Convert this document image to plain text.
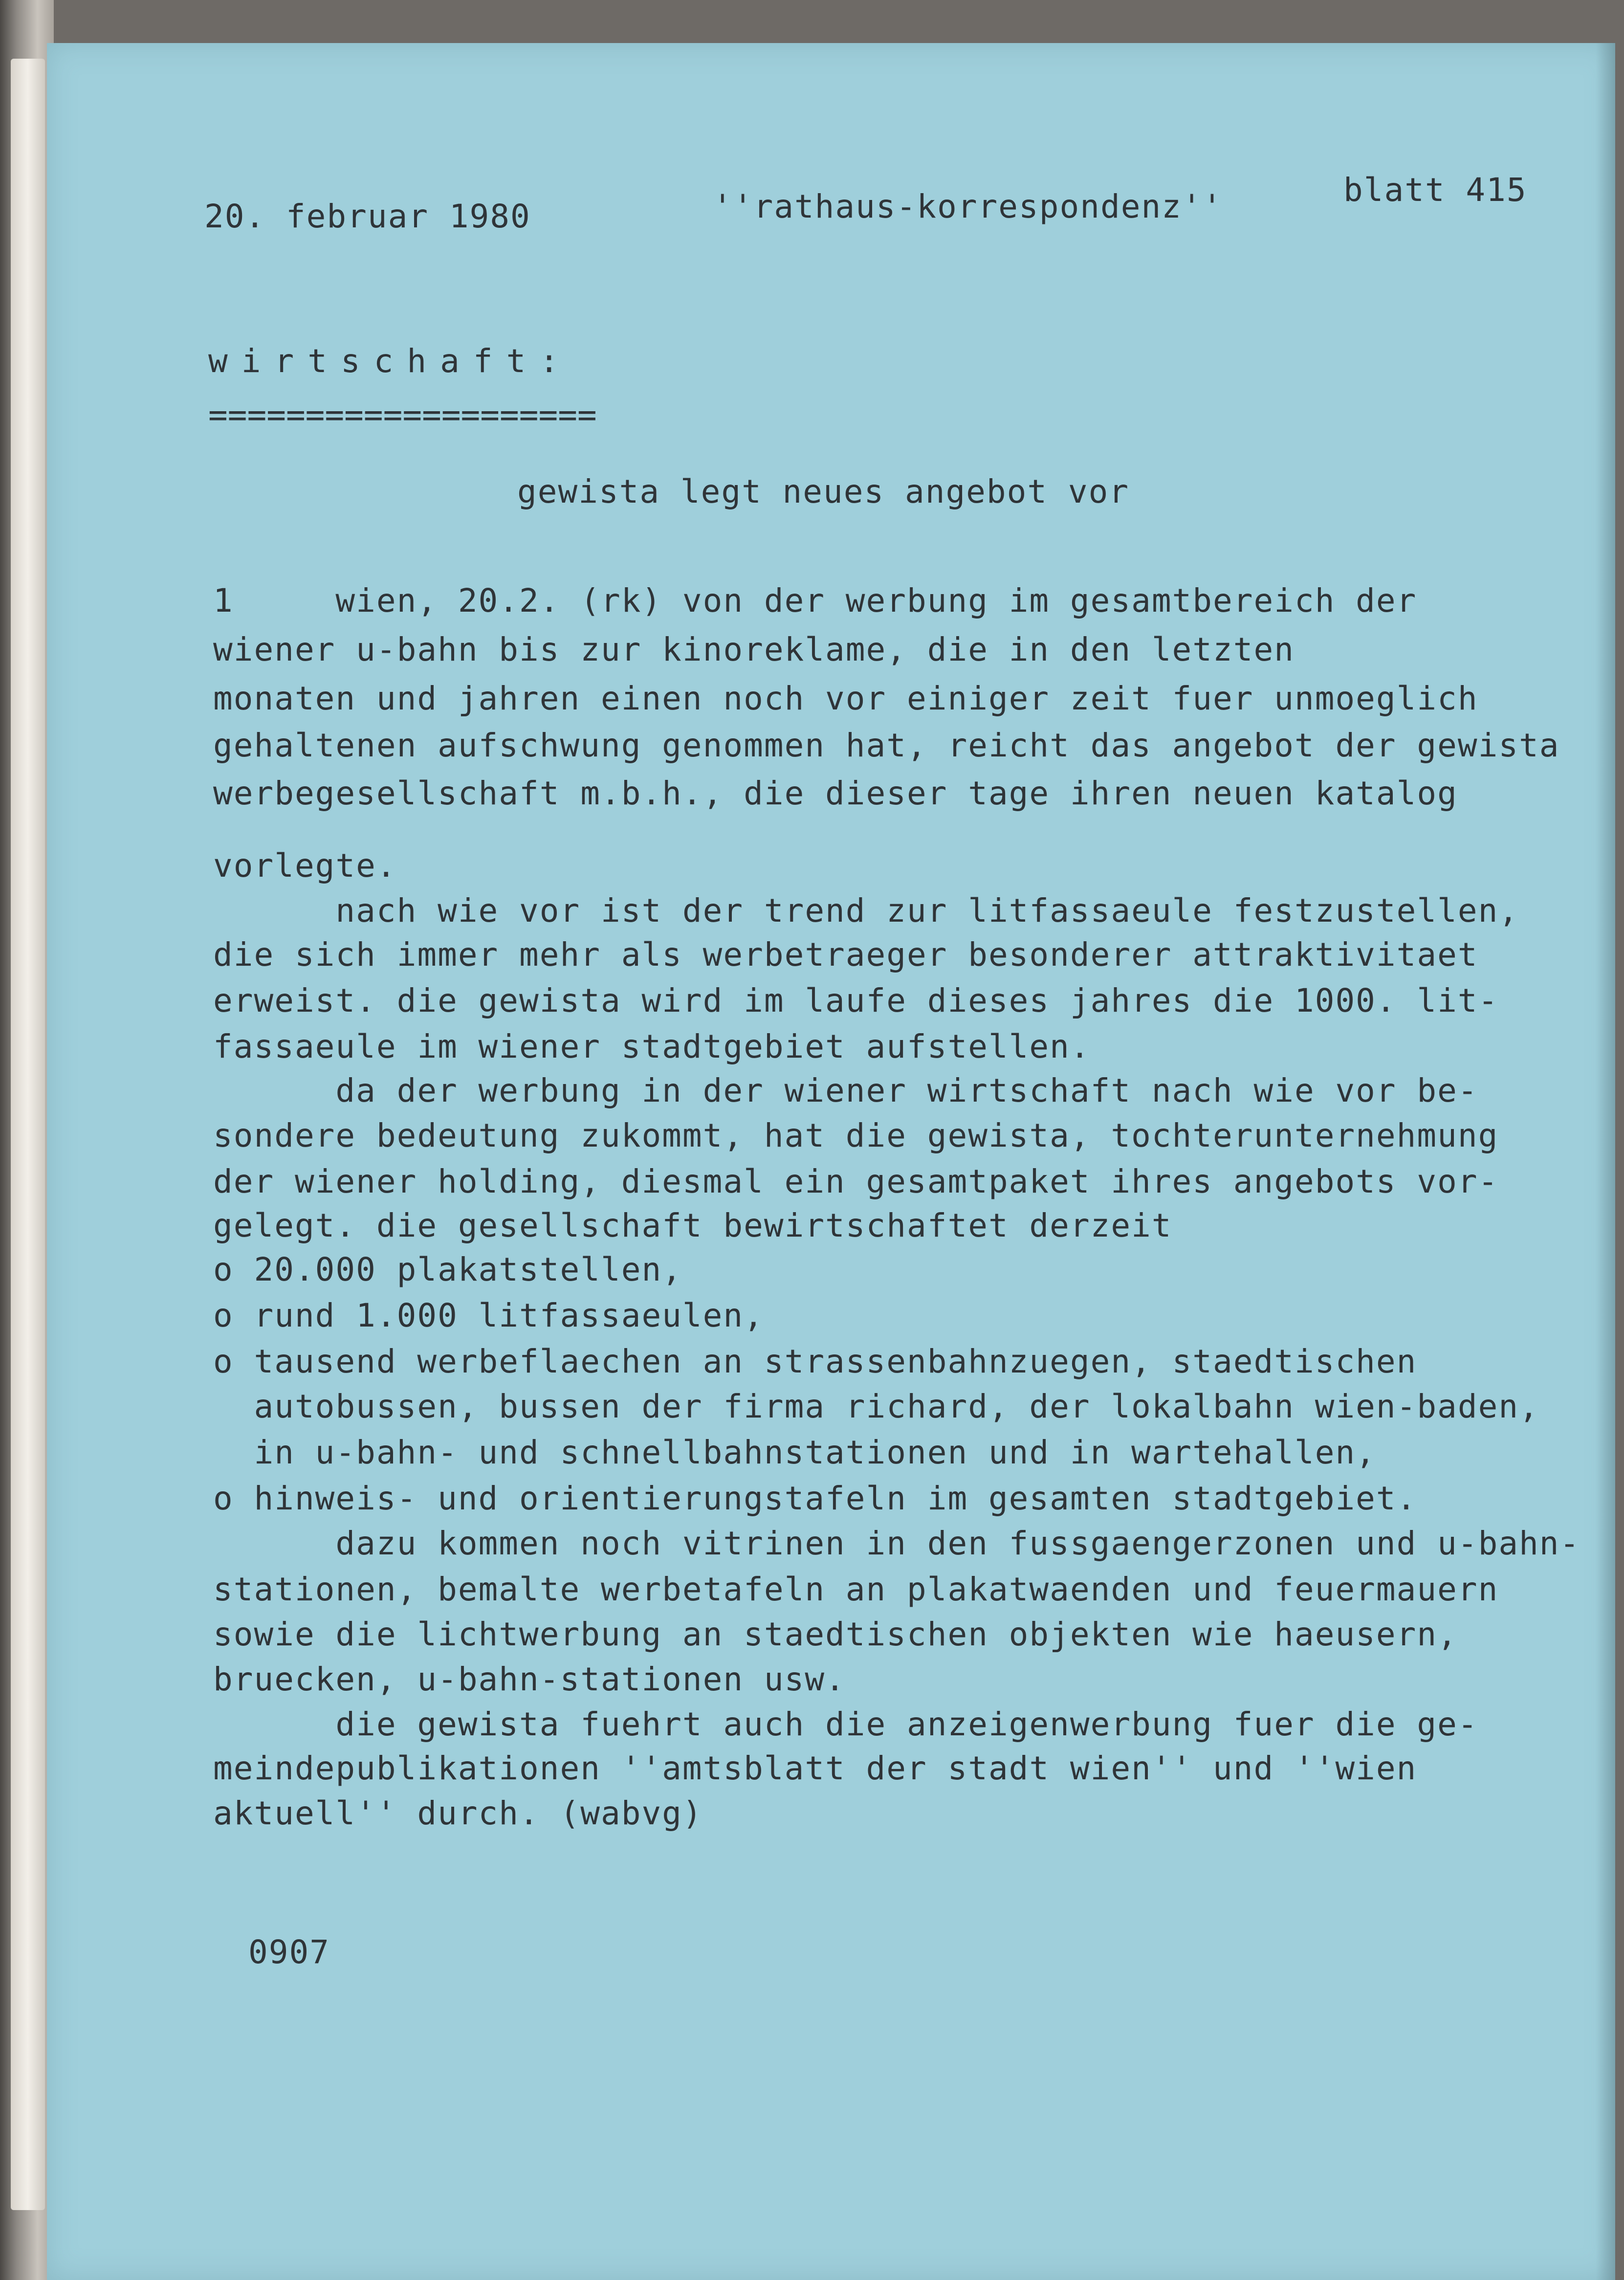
20. februar 1980	''rathaus-korrespondenz''	blatt 415
wirtschaft:
====================
gewista legt neues angebot vor
1     wien, 20.2. (rk) von der werbung im gesamtbereich der
wiener u-bahn bis zur kinoreklame, die in den letzten
monaten und jahren einen noch vor einiger zeit fuer unmoeglich
gehaltenen aufschwung genommen hat, reicht das angebot der gewista
werbegesellschaft m.b.h., die dieser tage ihren neuen katalog
vorlegte.
nach wie vor ist der trend zur litfassaeule festzustellen,
die sich immer mehr als werbetraeger besonderer attraktivitaet
erweist. die gewista wird im laufe dieses jahres die 1000. lit-
fassaeule im wiener stadtgebiet aufstellen.
da der werbung in der wiener wirtschaft nach wie vor be-
sondere bedeutung zukommt, hat die gewista, tochterunternehmung
der wiener holding, diesmal ein gesamtpaket ihres angebots vor-
gelegt. die gesellschaft bewirtschaftet derzeit
o 20.000 plakatstellen,
o rund 1.000 litfassaeulen,
o tausend werbeflaechen an strassenbahnzuegen, staedtischen
autobussen, bussen der firma richard, der lokalbahn wien-baden,
in u-bahn- und schnellbahnstationen und in wartehallen,
o hinweis- und orientierungstafeln im gesamten stadtgebiet.
dazu kommen noch vitrinen in den fussgaengerzonen und u-bahn-
stationen, bemalte werbetafeln an plakatwaenden und feuermauern
sowie die lichtwerbung an staedtischen objekten wie haeusern,
bruecken, u-bahn-stationen usw.
die gewista fuehrt auch die anzeigenwerbung fuer die ge-
meindepublikationen ''amtsblatt der stadt wien'' und ''wien
aktuell'' durch. (wabvg)
0907
